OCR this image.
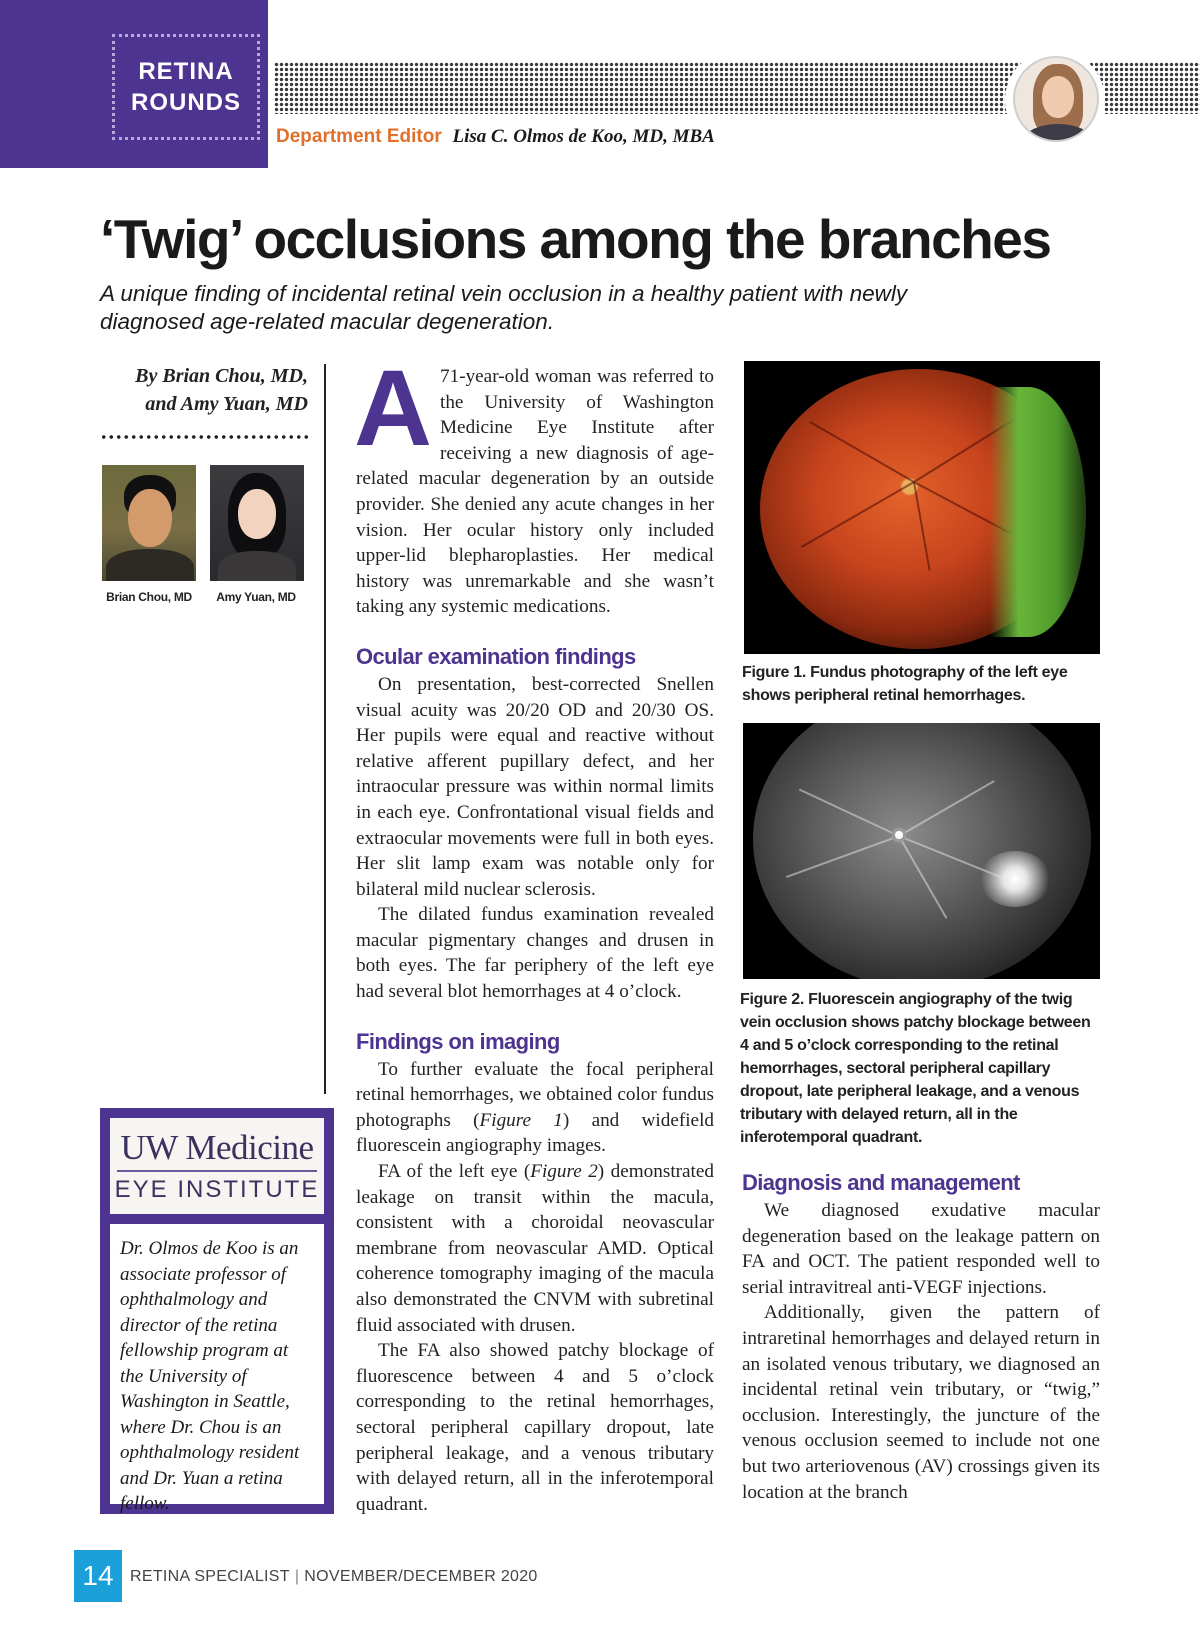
RETINA
ROUNDS
Department Editor Lisa C. Olmos de Koo, MD, MBA
‘Twig’ occlusions among the branches
A unique finding of incidental retinal vein occlusion in a healthy patient with newly diagnosed age-related macular degeneration.
By Brian Chou, MD,
and Amy Yuan, MD
Brian Chou, MD	Amy Yuan, MD
UW Medicine
EYE INSTITUTE
Dr. Olmos de Koo is an associate professor of ophthalmology and director of the retina fellowship program at the University of Washington in Seattle, where Dr. Chou is an ophthalmology resident and Dr. Yuan a retina fellow.

A 71-year-old woman was referred to the University of Washington Medicine Eye Institute after receiving a new diagnosis of age-related macular degeneration by an outside provider. She denied any acute changes in her vision. Her ocular history only included upper-lid blepharoplasties. Her medical history was unremarkable and she wasn’t taking any systemic medications.

Ocular examination findings

On presentation, best-corrected Snellen visual acuity was 20/20 OD and 20/30 OS. Her pupils were equal and reactive without relative afferent pupillary defect, and her intraocular pressure was within normal limits in each eye. Confrontational visual fields and extraocular movements were full in both eyes. Her slit lamp exam was notable only for bilateral mild nuclear sclerosis.

The dilated fundus examination revealed macular pigmentary changes and drusen in both eyes. The far periphery of the left eye had several blot hemorrhages at 4 o’clock.

Findings on imaging

To further evaluate the focal peripheral retinal hemorrhages, we obtained color fundus photographs (Figure 1) and widefield fluorescein angiography images.

FA of the left eye (Figure 2) demonstrated leakage on transit within the macula, consistent with a choroidal neovascular membrane from neovascular AMD. Optical coherence tomography imaging of the macula also demonstrated the CNVM with subretinal fluid associated with drusen.

The FA also showed patchy blockage of fluorescence between 4 and 5 o’clock corresponding to the retinal hemorrhages, sectoral peripheral capillary dropout, late peripheral leakage, and a venous tributary with delayed return, all in the inferotemporal quadrant.

Figure 1. Fundus photography of the left eye shows peripheral retinal hemorrhages.
Figure 2. Fluorescein angiography of the twig vein occlusion shows patchy blockage between 4 and 5 o’clock corresponding to the retinal hemorrhages, sectoral peripheral capillary dropout, late peripheral leakage, and a venous tributary with delayed return, all in the inferotemporal quadrant.
Diagnosis and management

We diagnosed exudative macular degeneration based on the leakage pattern on FA and OCT. The patient responded well to serial intravitreal anti-VEGF injections.

Additionally, given the pattern of intraretinal hemorrhages and delayed return in an isolated venous tributary, we diagnosed an incidental retinal vein tributary, or “twig,” occlusion. Interestingly, the juncture of the venous occlusion seemed to include not one but two arteriovenous (AV) crossings given its location at the branch

14	RETINA SPECIALIST | NOVEMBER/DECEMBER 2020
